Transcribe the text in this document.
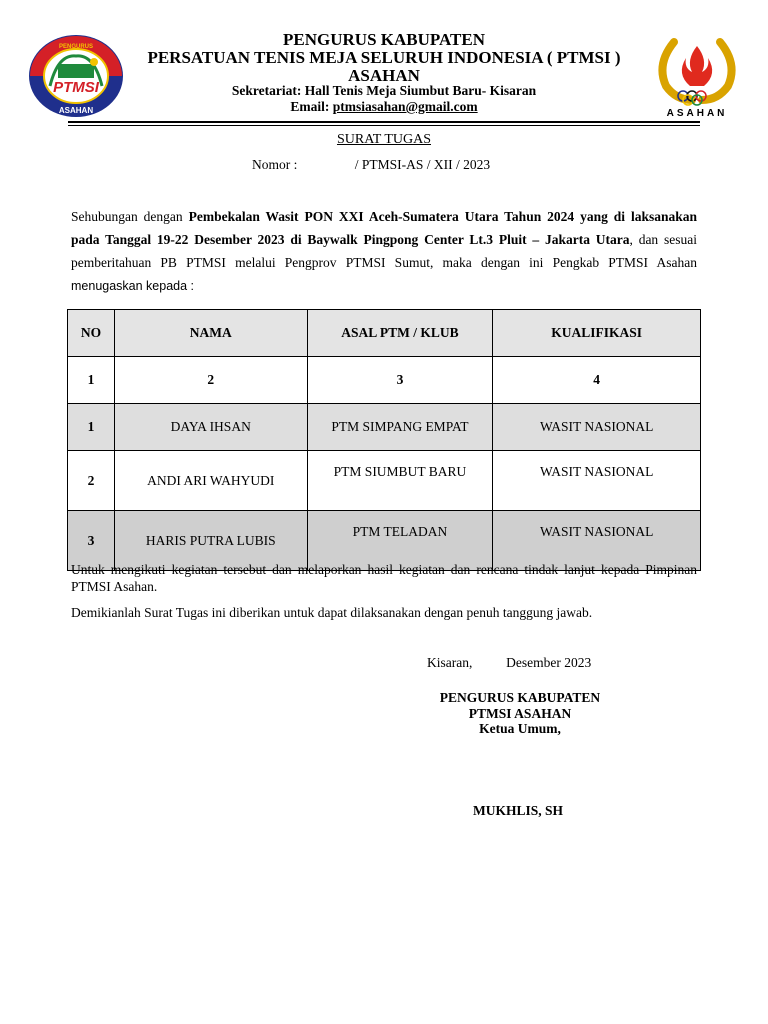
PTMSI
PENGURUS
ASAHAN	ASAHAN
PENGURUS KABUPATEN
PERSATUAN TENIS MEJA SELURUH INDONESIA ( PTMSI )
ASAHAN
Sekretariat: Hall Tenis Meja Siumbut Baru- Kisaran
Email: ptmsiasahan@gmail.com
SURAT TUGAS
Nomor :                 / PTMSI-AS / XII / 2023
Sehubungan dengan Pembekalan Wasit PON XXI Aceh-Sumatera Utara Tahun 2024 yang di laksanakan pada Tanggal 19-22 Desember 2023 di Baywalk Pingpong Center Lt.3 Pluit – Jakarta Utara, dan sesuai pemberitahuan PB PTMSI melalui Pengprov PTMSI Sumut, maka dengan ini Pengkab PTMSI Asahan menugaskan kepada :
NO	NAMA	ASAL PTM / KLUB	KUALIFIKASI
1	2	3	4
1	DAYA IHSAN	PTM SIMPANG EMPAT	WASIT NASIONAL
2	ANDI ARI WAHYUDI	PTM SIUMBUT BARU	WASIT NASIONAL
3	HARIS PUTRA LUBIS	PTM TELADAN	WASIT NASIONAL
Untuk mengikuti kegiatan tersebut dan melaporkan hasil kegiatan dan rencana tindak lanjut kepada Pimpinan PTMSI Asahan.
Demikianlah Surat Tugas ini diberikan untuk dapat dilaksanakan dengan penuh tanggung jawab.
Kisaran,          Desember 2023
PENGURUS KABUPATEN
PTMSI ASAHAN
Ketua Umum,
MUKHLIS, SH
